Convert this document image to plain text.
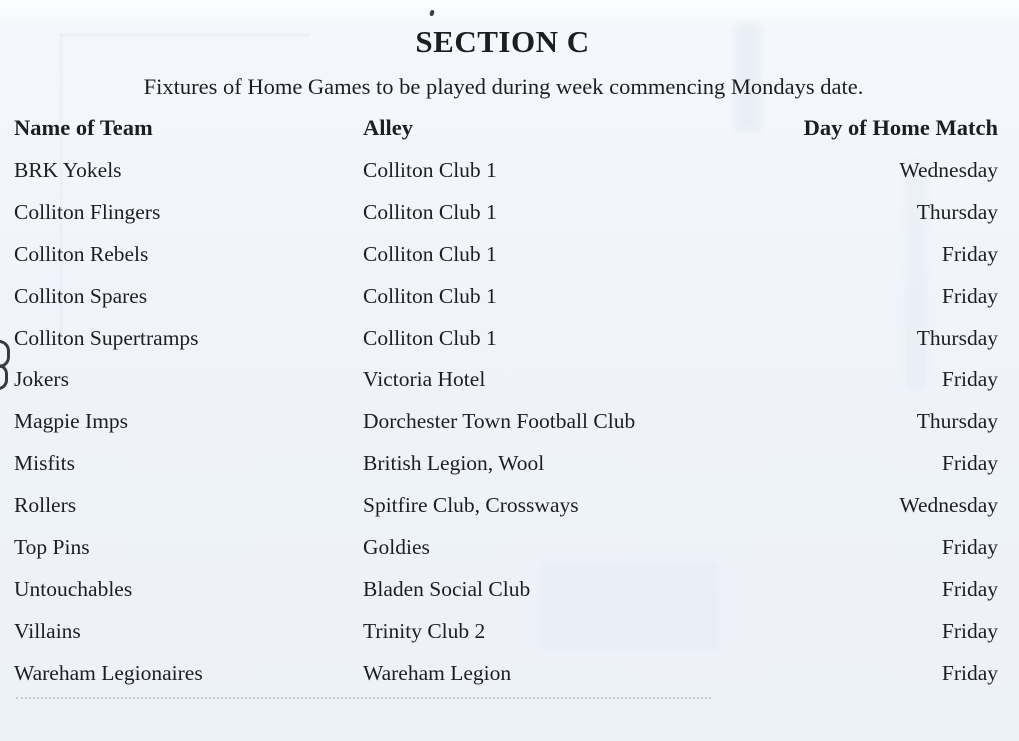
SECTION C
Fixtures of Home Games to be played during week commencing Mondays date.
Name of Team	Alley	Day of Home Match
BRK Yokels	Colliton Club 1	Wednesday
Colliton Flingers	Colliton Club 1	Thursday
Colliton Rebels	Colliton Club 1	Friday
Colliton Spares	Colliton Club 1	Friday
Colliton Supertramps	Colliton Club 1	Thursday
Jokers	Victoria Hotel	Friday
Magpie Imps	Dorchester Town Football Club	Thursday
Misfits	British Legion, Wool	Friday
Rollers	Spitfire Club, Crossways	Wednesday
Top Pins	Goldies	Friday
Untouchables	Bladen Social Club	Friday
Villains	Trinity Club 2	Friday
Wareham Legionaires	Wareham Legion	Friday
